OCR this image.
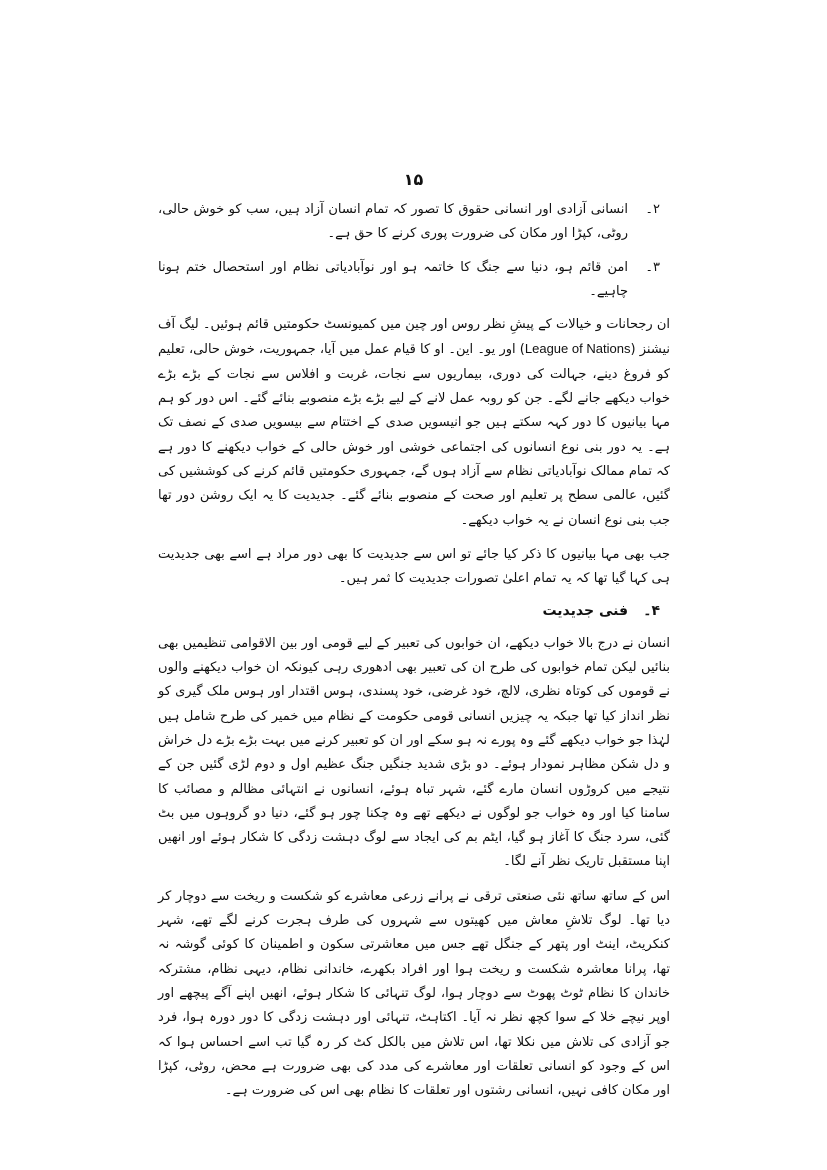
۱۵
۲۔
انسانی آزادی اور انسانی حقوق کا تصور کہ تمام انسان آزاد ہیں، سب کو خوش حالی، روٹی، کپڑا اور مکان کی ضرورت پوری کرنے کا حق ہے۔
۳۔
امن قائم ہو، دنیا سے جنگ کا خاتمہ ہو اور نوآبادیاتی نظام اور استحصال ختم ہونا چاہیے۔

ان رجحانات و خیالات کے پیشِ نظر روس اور چین میں کمیونسٹ حکومتیں قائم ہوئیں۔ لیگ آف نیشنز (League of Nations) اور یو۔ این۔ او کا قیام عمل میں آیا، جمہوریت، خوش حالی، تعلیم کو فروغ دینے، جہالت کی دوری، بیماریوں سے نجات، غربت و افلاس سے نجات کے بڑے بڑے خواب دیکھے جانے لگے۔ جن کو روبہ عمل لانے کے لیے بڑے بڑے منصوبے بنائے گئے۔ اس دور کو ہم مہا بیانیوں کا دور کہہ سکتے ہیں جو انیسویں صدی کے اختتام سے بیسویں صدی کے نصف تک ہے۔ یہ دور بنی نوع انسانوں کی اجتماعی خوشی اور خوش حالی کے خواب دیکھنے کا دور ہے کہ تمام ممالک نوآبادیاتی نظام سے آزاد ہوں گے، جمہوری حکومتیں قائم کرنے کی کوششیں کی گئیں، عالمی سطح پر تعلیم اور صحت کے منصوبے بنائے گئے۔ جدیدیت کا یہ ایک روشن دور تھا جب بنی نوع انسان نے یہ خواب دیکھے۔

جب بھی مہا بیانیوں کا ذکر کیا جائے تو اس سے جدیدیت کا بھی دور مراد ہے اسے بھی جدیدیت ہی کہا گیا تھا کہ یہ تمام اعلیٰ تصورات جدیدیت کا ثمر ہیں۔

۴۔
فنی جدیدیت

انسان نے درج بالا خواب دیکھے، ان خوابوں کی تعبیر کے لیے قومی اور بین الاقوامی تنظیمیں بھی بنائیں لیکن تمام خوابوں کی طرح ان کی تعبیر بھی ادھوری رہی کیونکہ ان خواب دیکھنے والوں نے قوموں کی کوتاہ نظری، لالچ، خود غرضی، خود پسندی، ہوس اقتدار اور ہوس ملک گیری کو نظر انداز کیا تھا جبکہ یہ چیزیں انسانی قومی حکومت کے نظام میں خمیر کی طرح شامل ہیں لہٰذا جو خواب دیکھے گئے وہ پورے نہ ہو سکے اور ان کو تعبیر کرنے میں بہت بڑے بڑے دل خراش و دل شکن مظاہر نمودار ہوئے۔ دو بڑی شدید جنگیں جنگ عظیم اول و دوم لڑی گئیں جن کے نتیجے میں کروڑوں انسان مارے گئے، شہر تباہ ہوئے، انسانوں نے انتہائی مظالم و مصائب کا سامنا کیا اور وہ خواب جو لوگوں نے دیکھے تھے وہ چکنا چور ہو گئے، دنیا دو گروہوں میں بٹ گئی، سرد جنگ کا آغاز ہو گیا، ایٹم بم کی ایجاد سے لوگ دہشت زدگی کا شکار ہوئے اور انھیں اپنا مستقبل تاریک نظر آنے لگا۔

اس کے ساتھ ساتھ نئی صنعتی ترقی نے پرانے زرعی معاشرے کو شکست و ریخت سے دوچار کر دیا تھا۔ لوگ تلاشِ معاش میں کھیتوں سے شہروں کی طرف ہجرت کرنے لگے تھے، شہر کنکریٹ، اینٹ اور پتھر کے جنگل تھے جس میں معاشرتی سکون و اطمینان کا کوئی گوشہ نہ تھا، پرانا معاشرہ شکست و ریخت ہوا اور افراد بکھرے، خاندانی نظام، دیہی نظام، مشترکہ خاندان کا نظام ٹوٹ پھوٹ سے دوچار ہوا، لوگ تنہائی کا شکار ہوئے، انھیں اپنے آگے پیچھے اور اوپر نیچے خلا کے سوا کچھ نظر نہ آیا۔ اکتاہٹ، تنہائی اور دہشت زدگی کا دور دورہ ہوا، فرد جو آزادی کی تلاش میں نکلا تھا، اس تلاش میں بالکل کٹ کر رہ گیا تب اسے احساس ہوا کہ اس کے وجود کو انسانی تعلقات اور معاشرے کی مدد کی بھی ضرورت ہے محض، روٹی، کپڑا اور مکان کافی نہیں، انسانی رشتوں اور تعلقات کا نظام بھی اس کی ضرورت ہے۔
